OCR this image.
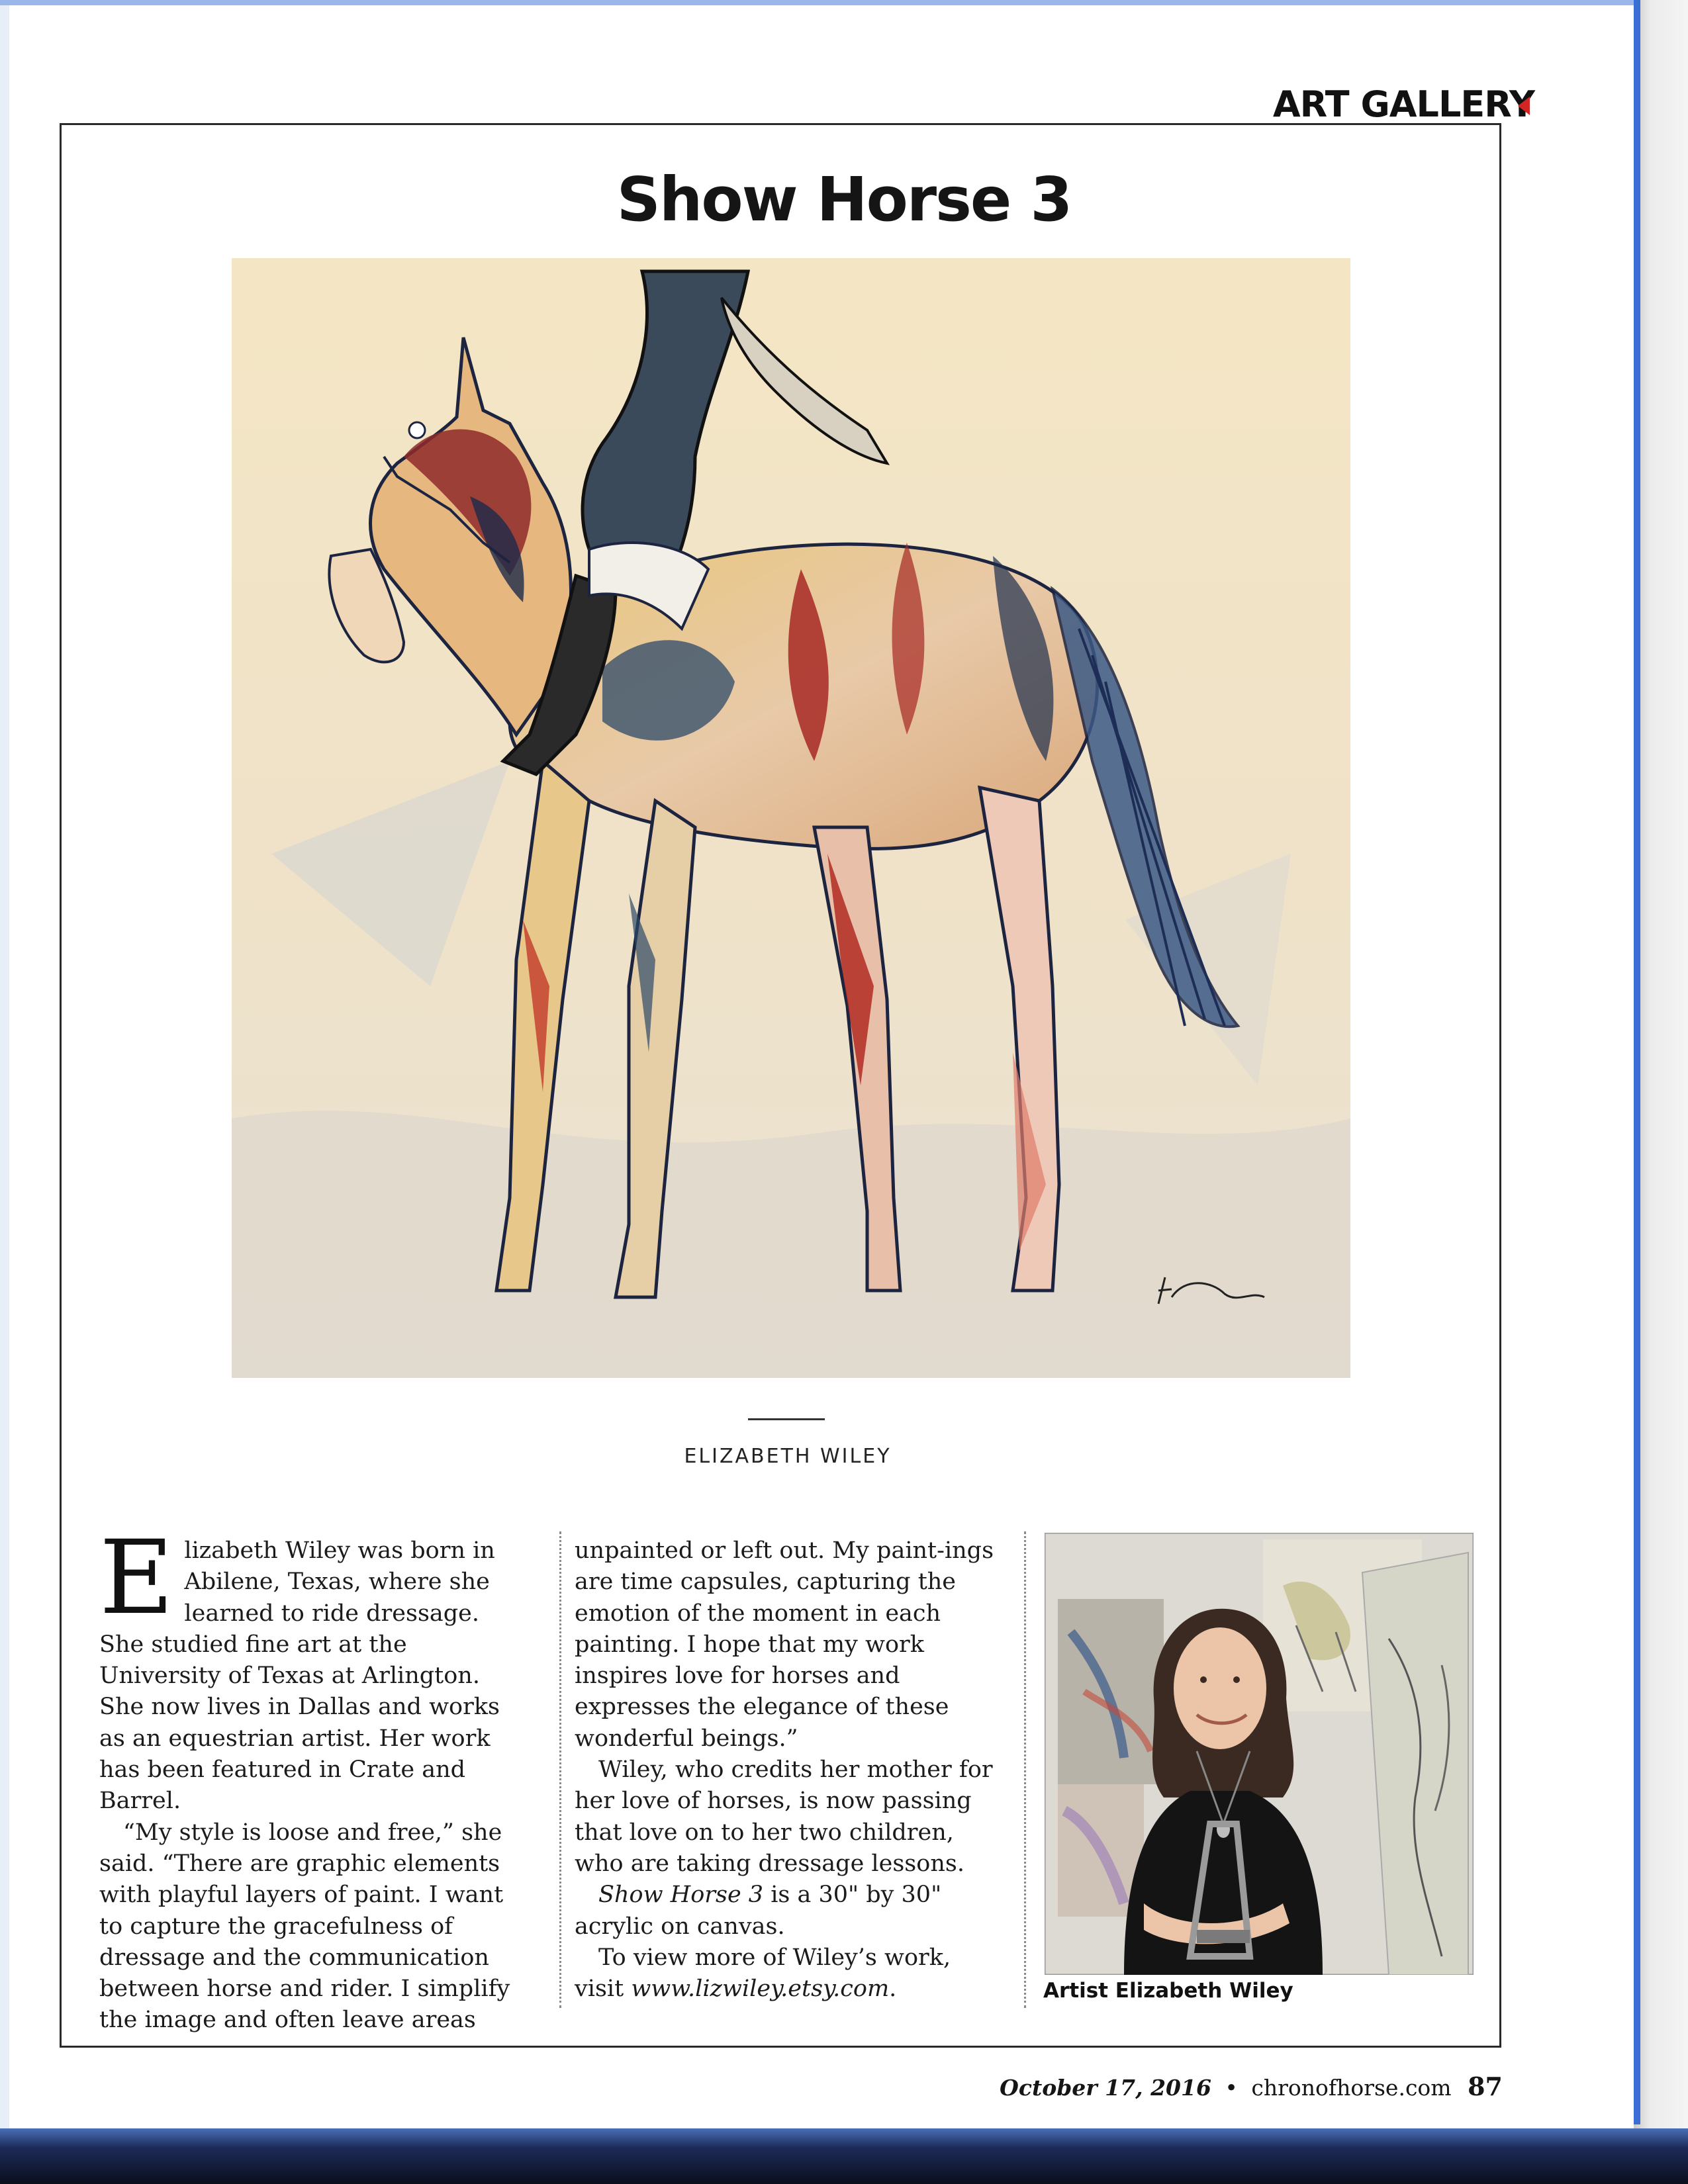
ART GALLERY
Show Horse 3
ELIZABETH WILEY

Elizabeth Wiley was born in Abilene, Texas, where she learned to ride dressage. She studied fine art at the University of Texas at Arlington. She now lives in Dallas and works as an equestrian artist. Her work has been featured in Crate and Barrel.

“My style is loose and free,” she said. “There are graphic elements with playful layers of paint. I want to capture the gracefulness of dressage and the communication between horse and rider. I simplify the image and often leave areas

unpainted or left out. My paint-ings are time capsules, capturing the emotion of the moment in each painting. I hope that my work inspires love for horses and expresses the elegance of these wonderful beings.”

Wiley, who credits her mother for her love of horses, is now passing that love on to her two children, who are taking dressage lessons.

Show Horse 3 is a 30" by 30" acrylic on canvas.

To view more of Wiley’s work, visit www.lizwiley.etsy.com.	Artist Elizabeth Wiley
October 17, 2016 • chronofhorse.com 87
